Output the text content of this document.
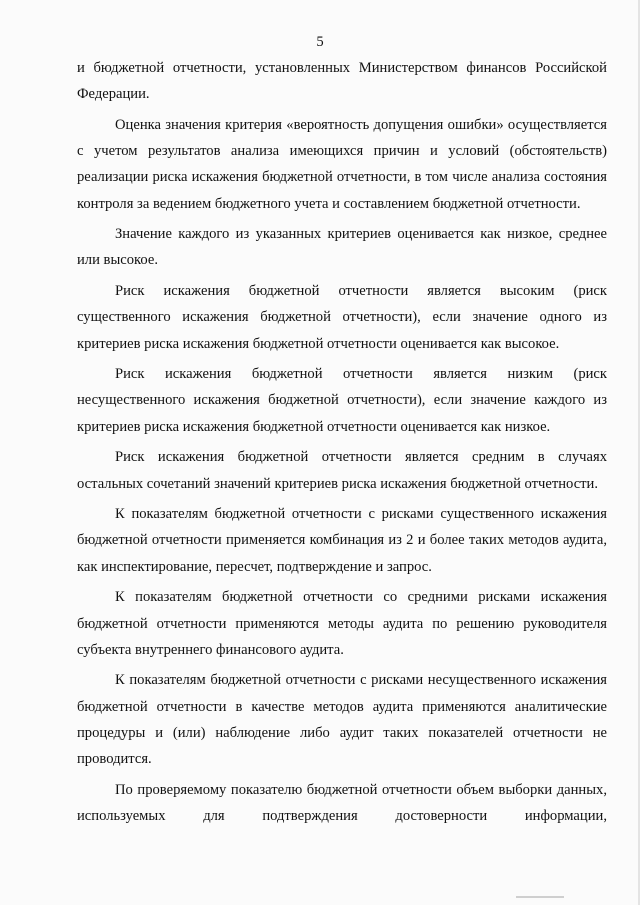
5

и бюджетной отчетности, установленных Министерством финансов Российской Федерации.

Оценка значения критерия «вероятность допущения ошибки» осуществляется с учетом результатов анализа имеющихся причин и условий (обстоятельств) реализации риска искажения бюджетной отчетности, в том числе анализа состояния контроля за ведением бюджетного учета и составлением бюджетной отчетности.

Значение каждого из указанных критериев оценивается как низкое, среднее или высокое.

Риск искажения бюджетной отчетности является высоким (риск существенного искажения бюджетной отчетности), если значение одного из критериев риска искажения бюджетной отчетности оценивается как высокое.

Риск искажения бюджетной отчетности является низким (риск несущественного искажения бюджетной отчетности), если значение каждого из критериев риска искажения бюджетной отчетности оценивается как низкое.

Риск искажения бюджетной отчетности является средним в случаях остальных сочетаний значений критериев риска искажения бюджетной отчетности.

К показателям бюджетной отчетности с рисками существенного искажения бюджетной отчетности применяется комбинация из 2 и более таких методов аудита, как инспектирование, пересчет, подтверждение и запрос.

К показателям бюджетной отчетности со средними рисками искажения бюджетной отчетности применяются методы аудита по решению руководителя субъекта внутреннего финансового аудита.

К показателям бюджетной отчетности с рисками несущественного искажения бюджетной отчетности в качестве методов аудита применяются аналитические процедуры и (или) наблюдение либо аудит таких показателей отчетности не проводится.

По проверяемому показателю бюджетной отчетности объем выборки данных, используемых для подтверждения достоверности информации,
